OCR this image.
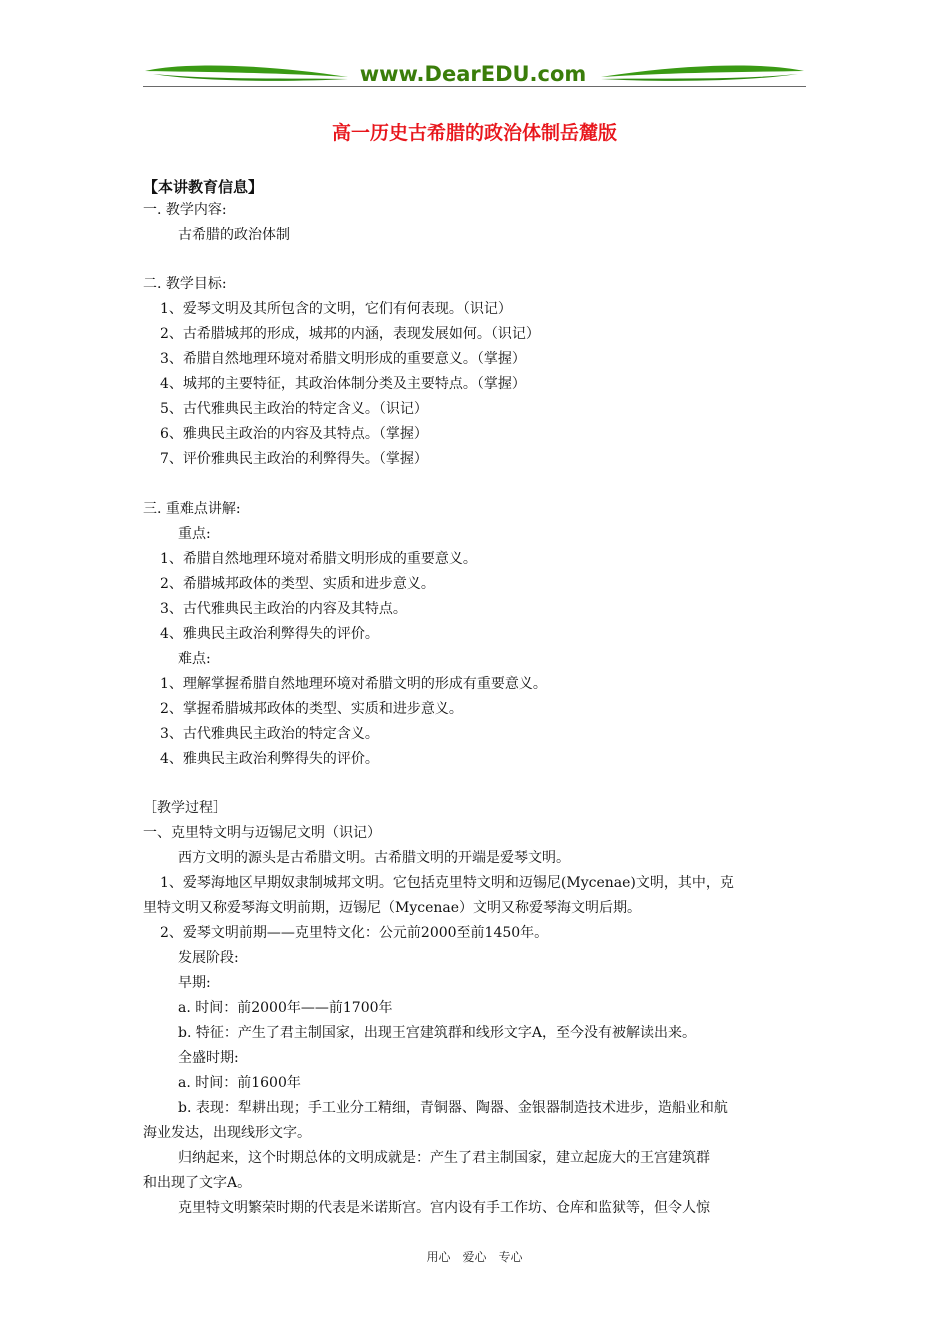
www.DearEDU.com
高一历史古希腊的政治体制岳麓版
【本讲教育信息】
一. 教学内容:
古希腊的政治体制
二. 教学目标:
1、爱琴文明及其所包含的文明，它们有何表现。（识记）
2、古希腊城邦的形成，城邦的内涵，表现发展如何。（识记）
3、希腊自然地理环境对希腊文明形成的重要意义。（掌握）
4、城邦的主要特征，其政治体制分类及主要特点。（掌握）
5、古代雅典民主政治的特定含义。（识记）
6、雅典民主政治的内容及其特点。（掌握）
7、评价雅典民主政治的利弊得失。（掌握）
三. 重难点讲解:
重点:
1、希腊自然地理环境对希腊文明形成的重要意义。
2、希腊城邦政体的类型、实质和进步意义。
3、古代雅典民主政治的内容及其特点。
4、雅典民主政治利弊得失的评价。
难点:
1、理解掌握希腊自然地理环境对希腊文明的形成有重要意义。
2、掌握希腊城邦政体的类型、实质和进步意义。
3、古代雅典民主政治的特定含义。
4、雅典民主政治利弊得失的评价。
［教学过程］
一、克里特文明与迈锡尼文明（识记）
西方文明的源头是古希腊文明。古希腊文明的开端是爱琴文明。
1、爱琴海地区早期奴隶制城邦文明。它包括克里特文明和迈锡尼(Mycenae)文明，其中，克
里特文明又称爱琴海文明前期，迈锡尼（Mycenae）文明又称爱琴海文明后期。
2、爱琴文明前期——克里特文化：公元前2000至前1450年。
发展阶段:
早期:
a. 时间：前2000年——前1700年
b. 特征：产生了君主制国家，出现王宫建筑群和线形文字A，至今没有被解读出来。
全盛时期:
a. 时间：前1600年
b. 表现：犁耕出现；手工业分工精细，青铜器、陶器、金银器制造技术进步，造船业和航
海业发达，出现线形文字。
归纳起来，这个时期总体的文明成就是：产生了君主制国家，建立起庞大的王宫建筑群
和出现了文字A。
克里特文明繁荣时期的代表是米诺斯宫。宫内设有手工作坊、仓库和监狱等，但令人惊
用心　爱心　专心
